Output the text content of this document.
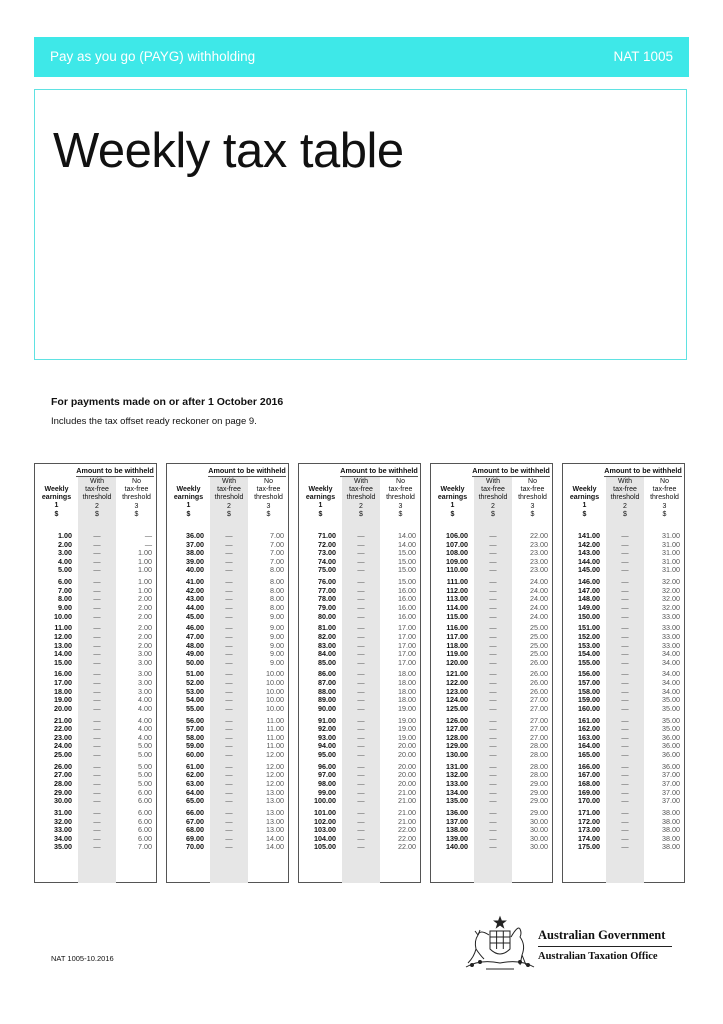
Pay as you go (PAYG) withholding	NAT 1005
Weekly tax table
For payments made on or after 1 October 2016
Includes the tax offset ready reckoner on page 9.
Amount to be withheld
Weekly
earnings
1
$
With
tax-free
threshold
2
$
No
tax-free
threshold
3
$
1.00	—	—
2.00	—	—
3.00	—	1.00
4.00	—	1.00
5.00	—	1.00
6.00	—	1.00
7.00	—	1.00
8.00	—	2.00
9.00	—	2.00
10.00	—	2.00
11.00	—	2.00
12.00	—	2.00
13.00	—	2.00
14.00	—	3.00
15.00	—	3.00
16.00	—	3.00
17.00	—	3.00
18.00	—	3.00
19.00	—	4.00
20.00	—	4.00
21.00	—	4.00
22.00	—	4.00
23.00	—	4.00
24.00	—	5.00
25.00	—	5.00
26.00	—	5.00
27.00	—	5.00
28.00	—	5.00
29.00	—	6.00
30.00	—	6.00
31.00	—	6.00
32.00	—	6.00
33.00	—	6.00
34.00	—	6.00
35.00	—	7.00
Amount to be withheld
Weekly
earnings
1
$
With
tax-free
threshold
2
$
No
tax-free
threshold
3
$
36.00	—	7.00
37.00	—	7.00
38.00	—	7.00
39.00	—	7.00
40.00	—	8.00
41.00	—	8.00
42.00	—	8.00
43.00	—	8.00
44.00	—	8.00
45.00	—	9.00
46.00	—	9.00
47.00	—	9.00
48.00	—	9.00
49.00	—	9.00
50.00	—	9.00
51.00	—	10.00
52.00	—	10.00
53.00	—	10.00
54.00	—	10.00
55.00	—	10.00
56.00	—	11.00
57.00	—	11.00
58.00	—	11.00
59.00	—	11.00
60.00	—	12.00
61.00	—	12.00
62.00	—	12.00
63.00	—	12.00
64.00	—	13.00
65.00	—	13.00
66.00	—	13.00
67.00	—	13.00
68.00	—	13.00
69.00	—	14.00
70.00	—	14.00
Amount to be withheld
Weekly
earnings
1
$
With
tax-free
threshold
2
$
No
tax-free
threshold
3
$
71.00	—	14.00
72.00	—	14.00
73.00	—	15.00
74.00	—	15.00
75.00	—	15.00
76.00	—	15.00
77.00	—	16.00
78.00	—	16.00
79.00	—	16.00
80.00	—	16.00
81.00	—	17.00
82.00	—	17.00
83.00	—	17.00
84.00	—	17.00
85.00	—	17.00
86.00	—	18.00
87.00	—	18.00
88.00	—	18.00
89.00	—	18.00
90.00	—	19.00
91.00	—	19.00
92.00	—	19.00
93.00	—	19.00
94.00	—	20.00
95.00	—	20.00
96.00	—	20.00
97.00	—	20.00
98.00	—	20.00
99.00	—	21.00
100.00	—	21.00
101.00	—	21.00
102.00	—	21.00
103.00	—	22.00
104.00	—	22.00
105.00	—	22.00
Amount to be withheld
Weekly
earnings
1
$
With
tax-free
threshold
2
$
No
tax-free
threshold
3
$
106.00	—	22.00
107.00	—	23.00
108.00	—	23.00
109.00	—	23.00
110.00	—	23.00
111.00	—	24.00
112.00	—	24.00
113.00	—	24.00
114.00	—	24.00
115.00	—	24.00
116.00	—	25.00
117.00	—	25.00
118.00	—	25.00
119.00	—	25.00
120.00	—	26.00
121.00	—	26.00
122.00	—	26.00
123.00	—	26.00
124.00	—	27.00
125.00	—	27.00
126.00	—	27.00
127.00	—	27.00
128.00	—	27.00
129.00	—	28.00
130.00	—	28.00
131.00	—	28.00
132.00	—	28.00
133.00	—	29.00
134.00	—	29.00
135.00	—	29.00
136.00	—	29.00
137.00	—	30.00
138.00	—	30.00
139.00	—	30.00
140.00	—	30.00
Amount to be withheld
Weekly
earnings
1
$
With
tax-free
threshold
2
$
No
tax-free
threshold
3
$
141.00	—	31.00
142.00	—	31.00
143.00	—	31.00
144.00	—	31.00
145.00	—	31.00
146.00	—	32.00
147.00	—	32.00
148.00	—	32.00
149.00	—	32.00
150.00	—	33.00
151.00	—	33.00
152.00	—	33.00
153.00	—	33.00
154.00	—	34.00
155.00	—	34.00
156.00	—	34.00
157.00	—	34.00
158.00	—	34.00
159.00	—	35.00
160.00	—	35.00
161.00	—	35.00
162.00	—	35.00
163.00	—	36.00
164.00	—	36.00
165.00	—	36.00
166.00	—	36.00
167.00	—	37.00
168.00	—	37.00
169.00	—	37.00
170.00	—	37.00
171.00	—	38.00
172.00	—	38.00
173.00	—	38.00
174.00	—	38.00
175.00	—	38.00
NAT 1005-10.2016
Australian Government
Australian Taxation Office
